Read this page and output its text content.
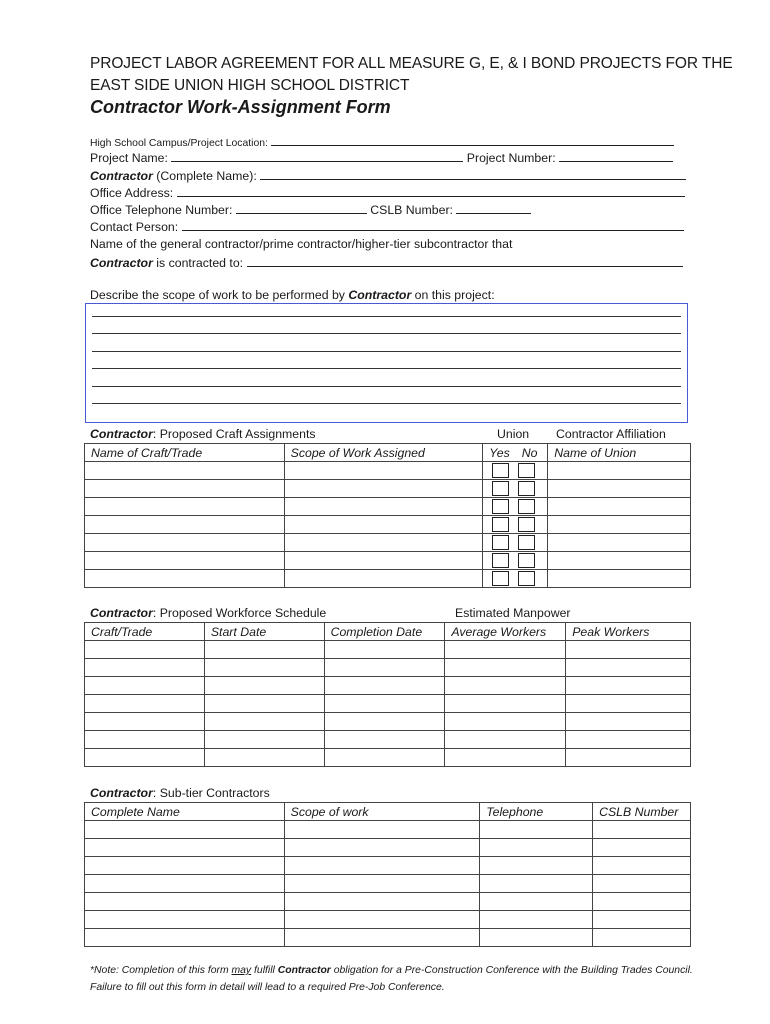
PROJECT LABOR AGREEMENT FOR ALL MEASURE G, E, & I BOND PROJECTS FOR THE
EAST SIDE UNION HIGH SCHOOL DISTRICT
Contractor Work-Assignment Form
High School Campus/Project Location:
Project Name:	Project Number:
Contractor (Complete Name):
Office Address:
Office Telephone Number:	CSLB Number:
Contact Person:
Name of the general contractor/prime contractor/higher-tier subcontractor that
Contractor is contracted to:
Describe the scope of work to be performed by Contractor on this project:
Contractor: Proposed Craft Assignments	Union Contractor Affiliation
Name of Craft/Trade	Scope of Work Assigned	Yes	No	Name of Union

Contractor: Proposed Workforce Schedule	Estimated Manpower
Craft/Trade	Start Date	Completion Date	Average Workers	Peak Workers

Contractor: Sub-tier Contractors
Complete Name	Scope of work	Telephone	CSLB Number

*Note: Completion of this form may fulfill Contractor obligation for a Pre-Construction Conference with the Building Trades Council. Failure to fill out this form in detail will lead to a required Pre-Job Conference.
